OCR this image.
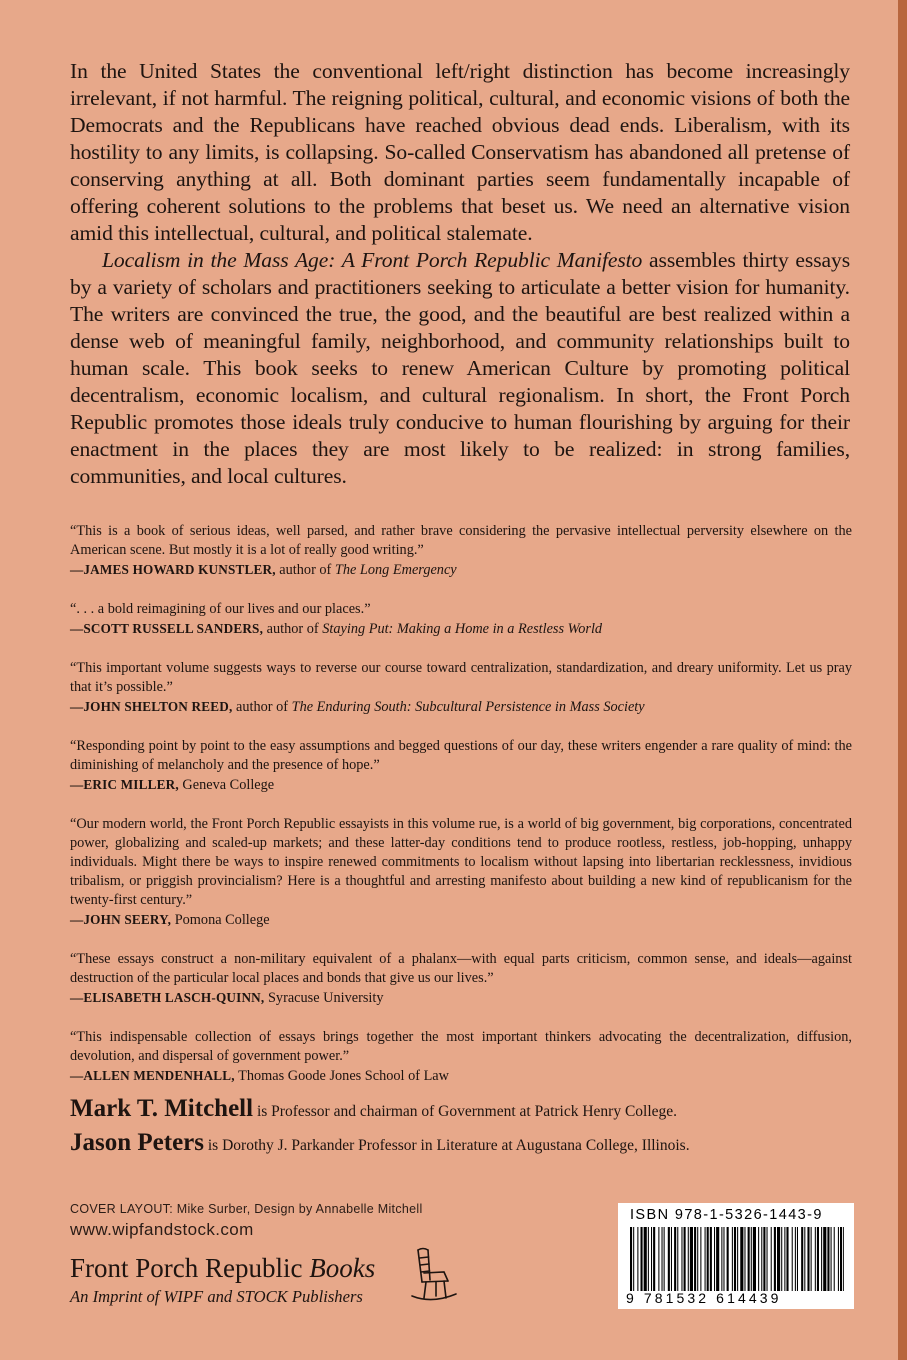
In the United States the conventional left/right distinction has become increasingly irrelevant, if not harmful. The reigning political, cultural, and economic visions of both the Democrats and the Republicans have reached obvious dead ends. Liberalism, with its hostility to any limits, is collapsing. So-called Conservatism has abandoned all pretense of conserving anything at all. Both dominant parties seem fundamentally incapable of offering coherent solutions to the problems that beset us. We need an alternative vision amid this intellectual, cultural, and political stalemate.

Localism in the Mass Age: A Front Porch Republic Manifesto assembles thirty essays by a variety of scholars and practitioners seeking to articulate a better vision for humanity. The writers are convinced the true, the good, and the beautiful are best realized within a dense web of meaningful family, neighborhood, and community relationships built to human scale. This book seeks to renew American Culture by promoting political decentralism, economic localism, and cultural regionalism. In short, the Front Porch Republic promotes those ideals truly conducive to human flourishing by arguing for their enactment in the places they are most likely to be realized: in strong families, communities, and local cultures.

“This is a book of serious ideas, well parsed, and rather brave considering the pervasive intellectual perversity elsewhere on the American scene. But mostly it is a lot of really good writing.”

—JAMES HOWARD KUNSTLER, author of The Long Emergency

“. . . a bold reimagining of our lives and our places.”

—SCOTT RUSSELL SANDERS, author of Staying Put: Making a Home in a Restless World

“This important volume suggests ways to reverse our course toward centralization, standardization, and dreary uniformity. Let us pray that it’s possible.”

—JOHN SHELTON REED, author of The Enduring South: Subcultural Persistence in Mass Society

“Responding point by point to the easy assumptions and begged questions of our day, these writers engender a rare quality of mind: the diminishing of melancholy and the presence of hope.”

—ERIC MILLER, Geneva College

“Our modern world, the Front Porch Republic essayists in this volume rue, is a world of big government, big corporations, concentrated power, globalizing and scaled-up markets; and these latter-day conditions tend to produce rootless, restless, job-hopping, unhappy individuals. Might there be ways to inspire renewed commitments to localism without lapsing into libertarian recklessness, invidious tribalism, or priggish provincialism? Here is a thoughtful and arresting manifesto about building a new kind of republicanism for the twenty-first century.”

—JOHN SEERY, Pomona College

“These essays construct a non-military equivalent of a phalanx—with equal parts criticism, common sense, and ideals—against destruction of the particular local places and bonds that give us our lives.”

—ELISABETH LASCH-QUINN, Syracuse University

“This indispensable collection of essays brings together the most important thinkers advocating the decentralization, diffusion, devolution, and dispersal of government power.”

—ALLEN MENDENHALL, Thomas Goode Jones School of Law

Mark T. Mitchell is Professor and chairman of Government at Patrick Henry College.

Jason Peters is Dorothy J. Parkander Professor in Literature at Augustana College, Illinois.

COVER LAYOUT: Mike Surber, Design by Annabelle Mitchell
www.wipfandstock.com
Front Porch Republic Books
An Imprint of WIPF and STOCK Publishers
ISBN 978-1-5326-1443-9
9 781532 614439
